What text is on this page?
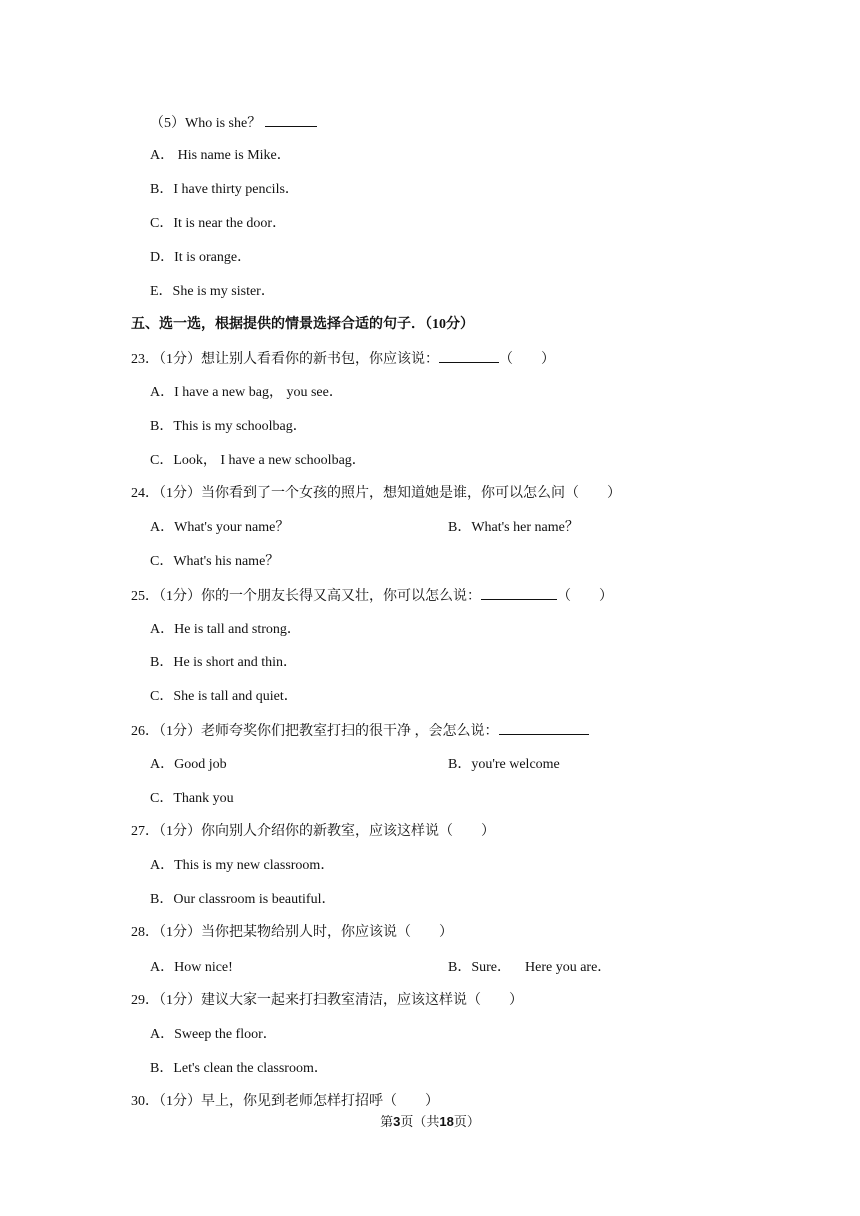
（5）Who is she？
A． His name is Mike．
B．I have thirty pencils．
C．It is near the door．
D．It is orange．
E．She is my sister．
五、选一选，根据提供的情景选择合适的句子．（10分）
23．（1分）想让别人看看你的新书包，你应该说：	（　　）
A．I have a new bag， you see．
B．This is my schoolbag．
C．Look， I have a new schoolbag．
24．（1分）当你看到了一个女孩的照片，想知道她是谁，你可以怎么问（　　）
A．What's your name？	B．What's her name？
C．What's his name？
25．（1分）你的一个朋友长得又高又壮，你可以怎么说：	（　　）
A．He is tall and strong．
B．He is short and thin．
C．She is tall and quiet．
26．（1分）老师夸奖你们把教室打扫的很干净 ，会怎么说：
A．Good job	B．you're welcome
C．Thank you
27．（1分）你向别人介绍你的新教室，应该这样说（　　）
A．This is my new classroom．
B．Our classroom is beautiful．
28．（1分）当你把某物给别人时，你应该说（　　）
A．How nice!	B．Sure．    Here you are．
29．（1分）建议大家一起来打扫教室清洁，应该这样说（　　）
A．Sweep the floor．
B．Let's clean the classroom．
30．（1分）早上，你见到老师怎样打招呼（　　）
第3页（共18页）
